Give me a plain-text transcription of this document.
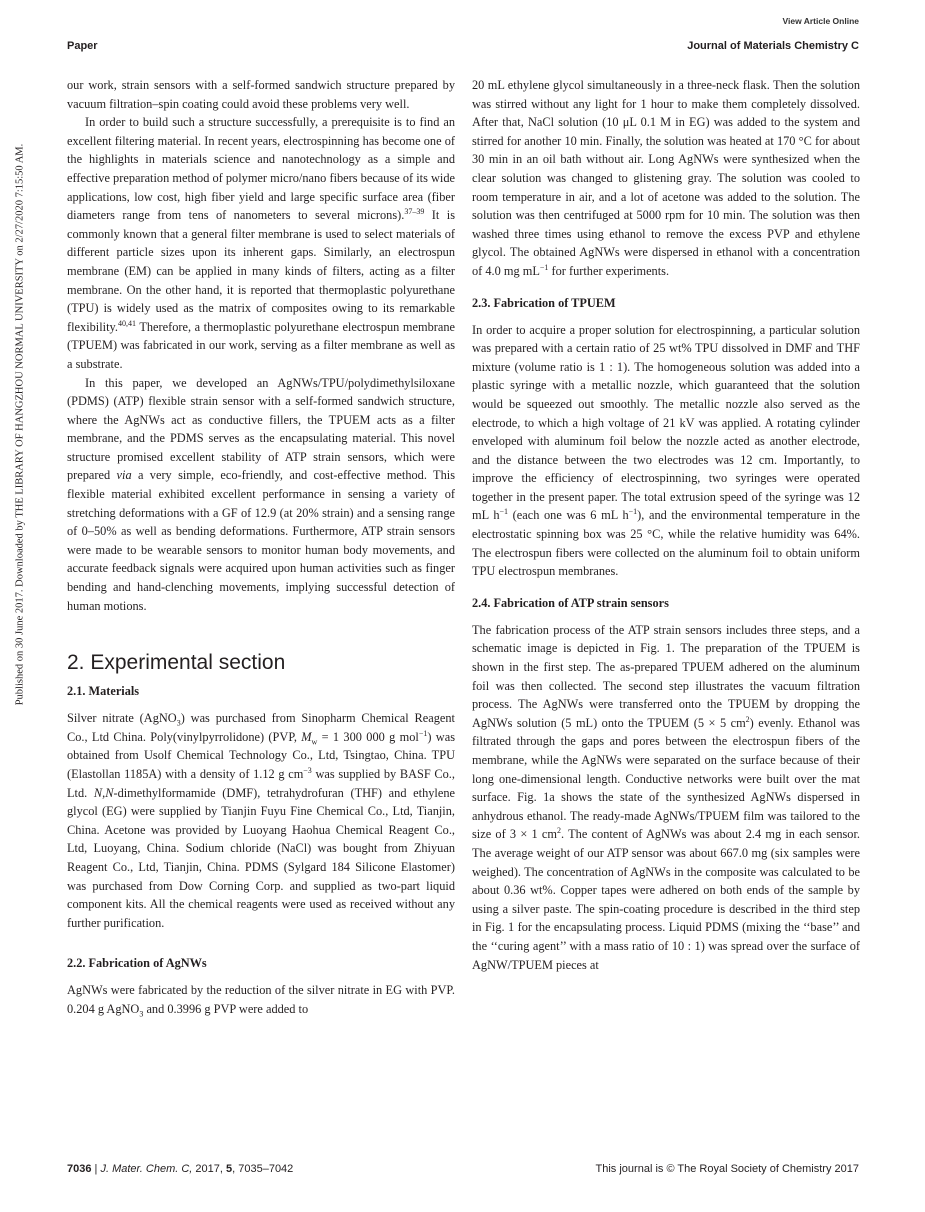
Published on 30 June 2017. Downloaded by THE LIBRARY OF HANGZHOU NORMAL UNIVERSITY on 2/27/2020 7:15:50 AM.
View Article Online
Paper	Journal of Materials Chemistry C

our work, strain sensors with a self-formed sandwich structure prepared by vacuum filtration–spin coating could avoid these problems very well.

In order to build such a structure successfully, a prerequisite is to find an excellent filtering material. In recent years, electrospinning has become one of the highlights in materials science and nanotechnology as a simple and effective preparation method of polymer micro/nano fibers because of its wide applications, low cost, high fiber yield and large specific surface area (fiber diameters range from tens of nanometers to several microns).$^{37-39}$ It is commonly known that a general filter membrane is used to select materials of different particle sizes upon its inherent gaps. Similarly, an electrospun membrane (EM) can be applied in many kinds of filters, acting as a filter membrane. On the other hand, it is reported that thermoplastic polyurethane (TPU) is widely used as the matrix of composites owing to its remarkable flexibility.$^{40,41}$ Therefore, a thermoplastic polyurethane electrospun membrane (TPUEM) was fabricated in our work, serving as a filter membrane as well as a substrate.

In this paper, we developed an AgNWs/TPU/polydimethylsiloxane (PDMS) (ATP) flexible strain sensor with a self-formed sandwich structure, where the AgNWs act as conductive fillers, the TPUEM acts as a filter membrane, and the PDMS serves as the encapsulating material. This novel structure promised excellent stability of ATP strain sensors, which were prepared via a very simple, eco-friendly, and cost-effective method. This flexible material exhibited excellent performance in sensing a variety of stretching deformations with a GF of 12.9 (at 20% strain) and a sensing range of 0–50% as well as bending deformations. Furthermore, ATP strain sensors were made to be wearable sensors to monitor human body movements, and accurate feedback signals were acquired upon human activities such as finger bending and hand-clenching movements, implying successful detection of human motions.

2. Experimental section
2.1. Materials

Silver nitrate (AgNO$_3$) was purchased from Sinopharm Chemical Reagent Co., Ltd China. Poly(vinylpyrrolidone) (PVP, $M_w = 1$ 300 000 g mol$^{-1}$) was obtained from Usolf Chemical Technology Co., Ltd, Tsingtao, China. TPU (Elastollan 1185A) with a density of 1.12 g $cm^{-3}$ was supplied by BASF Co., Ltd. N,N-dimethylformamide (DMF), tetrahydrofuran (THF) and ethylene glycol (EG) were supplied by Tianjin Fuyu Fine Chemical Co., Ltd, Tianjin, China. Acetone was provided by Luoyang Haohua Chemical Reagent Co., Ltd, Luoyang, China. Sodium chloride (NaCl) was bought from Zhiyuan Reagent Co., Ltd, Tianjin, China. PDMS (Sylgard 184 Silicone Elastomer) was purchased from Dow Corning Corp. and supplied as two-part liquid component kits. All the chemical reagents were used as received without any further purification.

2.2. Fabrication of AgNWs

AgNWs were fabricated by the reduction of the silver nitrate in EG with PVP. 0.204 g AgNO$_3$ and 0.3996 g PVP were added to

20 mL ethylene glycol simultaneously in a three-neck flask. Then the solution was stirred without any light for 1 hour to make them completely dissolved. After that, NaCl solution (10 μL 0.1 M in EG) was added to the system and stirred for another 10 min. Finally, the solution was heated at 170 °C for about 30 min in an oil bath without air. Long AgNWs were synthesized when the clear solution was changed to glistening gray. The solution was cooled to room temperature in air, and a lot of acetone was added to the solution. The solution was then centrifuged at 5000 rpm for 10 min. The solution was then washed three times using ethanol to remove the excess PVP and ethylene glycol. The obtained AgNWs were dispersed in ethanol with a concentration of 4.0 mg $mL^{-1}$ for further experiments.

2.3. Fabrication of TPUEM

In order to acquire a proper solution for electrospinning, a particular solution was prepared with a certain ratio of 25 wt% TPU dissolved in DMF and THF mixture (volume ratio is 1 : 1). The homogeneous solution was added into a plastic syringe with a metallic nozzle, which guaranteed that the solution would be squeezed out smoothly. The metallic nozzle also served as the electrode, to which a high voltage of 21 kV was applied. A rotating cylinder enveloped with aluminum foil below the nozzle acted as another electrode, and the distance between the two electrodes was 12 cm. Importantly, to improve the efficiency of electrospinning, two syringes were operated together in the present paper. The total extrusion speed of the syringe was 12 mL $h^{-1}$ (each one was 6 mL $h^{-1}$), and the environmental temperature in the electrostatic spinning box was 25 °C, while the relative humidity was 64%. The electrospun fibers were collected on the aluminum foil to obtain uniform TPU electrospun membranes.

2.4. Fabrication of ATP strain sensors

The fabrication process of the ATP strain sensors includes three steps, and a schematic image is depicted in Fig. 1. The preparation of the TPUEM is shown in the first step. The as-prepared TPUEM adhered on the aluminum foil was then collected. The second step illustrates the vacuum filtration process. The AgNWs were transferred onto the TPUEM by dropping the AgNWs solution (5 mL) onto the TPUEM (5 × 5 $cm^2$) evenly. Ethanol was filtrated through the gaps and pores between the electrospun fibers of the membrane, while the AgNWs were separated on the surface because of their long one-dimensional length. Conductive networks were built over the mat surface. Fig. 1a shows the state of the synthesized AgNWs dispersed in anhydrous ethanol. The ready-made AgNWs/TPUEM film was tailored to the size of 3 × 1 $cm^2$. The content of AgNWs was about 2.4 mg in each sensor. The average weight of our ATP sensor was about 667.0 mg (six samples were weighed). The concentration of AgNWs in the composite was calculated to be about 0.36 wt%. Copper tapes were adhered on both ends of the sample by using a silver paste. The spin-coating procedure is described in the third step in Fig. 1 for the encapsulating process. Liquid PDMS (mixing the ‘‘base’’ and the ‘‘curing agent’’ with a mass ratio of 10 : 1) was spread over the surface of AgNW/TPUEM pieces at

7036 | J. Mater. Chem. C, 2017, 5, 7035–7042	This journal is © The Royal Society of Chemistry 2017
